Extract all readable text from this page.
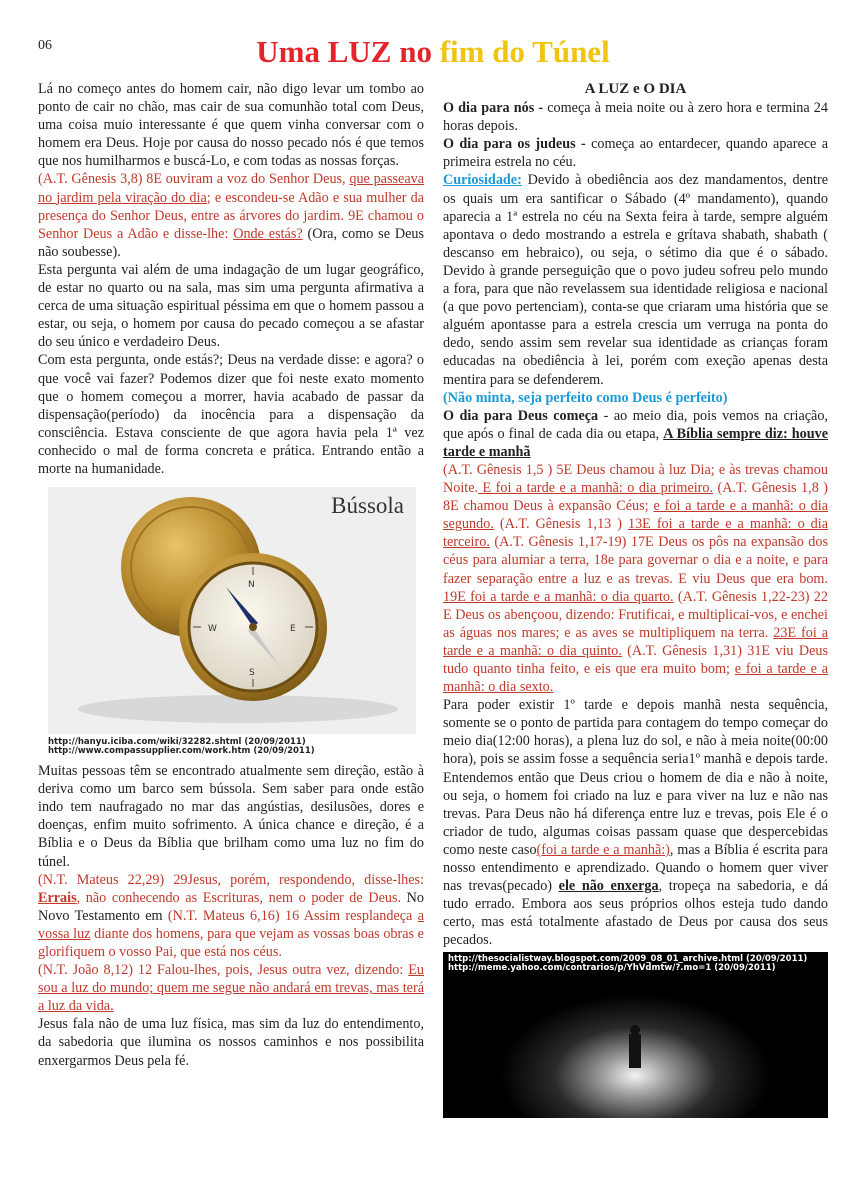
06	Uma LUZ no fim do Túnel

Lá no começo antes do homem cair, não digo levar um tombo ao ponto de cair no chão, mas cair de sua comunhão total com Deus, uma coisa muio interessante é que quem vinha conversar com o homem era Deus. Hoje por causa do nosso pecado nós é que temos que nos humilharmos e buscá-Lo, e com todas as nossas forças.

(A.T. Gênesis 3,8) 8E ouviram a voz do Senhor Deus, que passeava no jardim pela viração do dia; e escondeu-se Adão e sua mulher da presença do Senhor Deus, entre as árvores do jardim. 9E chamou o Senhor Deus a Adão e disse-lhe: Onde estás? (Ora, como se Deus não soubesse).

Esta pergunta vai além de uma indagação de um lugar geográfico, de estar no quarto ou na sala, mas sim uma pergunta afirmativa a cerca de uma situação espiritual péssima em que o homem passou a estar, ou seja, o homem por causa do pecado começou a se afastar do seu único e verdadeiro Deus.

Com esta pergunta, onde estás?; Deus na verdade disse: e agora? o que você vai fazer? Podemos dizer que foi neste exato momento que o homem começou a morrer, havia acabado de passar da dispensação(período) da inocência para a dispensação da consciência. Estava consciente de que agora havia pela 1ª vez conhecido o mal de forma concreta e prática. Entrando então a morte na humanidade.

Bússola
N
S
W	E
http://hanyu.iciba.com/wiki/32282.shtml (20/09/2011)
http://www.compassupplier.com/work.htm (20/09/2011)

Muitas pessoas têm se encontrado atualmente sem direção, estão à deriva como um barco sem bússola. Sem saber para onde estão indo tem naufragado no mar das angústias, desilusões, dores e doenças, enfim muito sofrimento. A única chance e direção, é a Bíblia e o Deus da Bíblia que brilham como uma luz no fim do túnel.

(N.T. Mateus 22,29) 29Jesus, porém, respondendo, disse-lhes: Errais, não conhecendo as Escrituras, nem o poder de Deus. No Novo Testamento em (N.T. Mateus 6,16) 16 Assim resplandeça a vossa luz diante dos homens, para que vejam as vossas boas obras e glorifiquem o vosso Pai, que está nos céus.

(N.T. João 8,12) 12 Falou-lhes, pois, Jesus outra vez, dizendo: Eu sou a luz do mundo; quem me segue não andará em trevas, mas terá a luz da vida.

Jesus fala não de uma luz física, mas sim da luz do entendimento, da sabedoria que ilumina os nossos caminhos e nos possibilita enxergarmos Deus pela fé.

A LUZ e O DIA

O dia para nós - começa à meia noite ou à zero hora e termina 24 horas depois.

O dia para os judeus - começa ao entardecer, quando aparece a primeira estrela no céu.

Curiosidade: Devido à obediência aos dez mandamentos, dentre os quais um era santificar o Sábado (4º mandamento), quando aparecia a 1ª estrela no céu na Sexta feira à tarde, sempre alguém apontava o dedo mostrando a estrela e grítava shabath, shabath ( descanso em hebraico), ou seja, o sétimo dia que é o sábado. Devido à grande perseguição que o povo judeu sofreu pelo mundo a fora, para que não revelassem sua identidade religiosa e nacional (a que povo pertenciam), conta-se que criaram uma história que se alguém apontasse para a estrela crescia um verruga na ponta do dedo, sendo assim sem revelar sua identidade as crianças foram educadas na obediência à lei, porém com exeção apenas desta mentira para se defenderem.

(Não minta, seja perfeito como Deus é perfeito)

O dia para Deus começa - ao meio dia, pois vemos na criação, que após o final de cada dia ou etapa, A Bíblia sempre diz: houve tarde e manhã

(A.T. Gênesis 1,5 ) 5E Deus chamou à luz Dia; e às trevas chamou Noite. E foi a tarde e a manhã: o dia primeiro. (A.T. Gênesis 1,8 ) 8E chamou Deus à expansão Céus; e foi a tarde e a manhã: o dia segundo. (A.T. Gênesis 1,13 ) 13E foi a tarde e a manhã: o dia terceiro. (A.T. Gênesis 1,17-19) 17E Deus os pôs na expansão dos céus para alumiar a terra, 18e para governar o dia e a noite, e para fazer separação entre a luz e as trevas. E viu Deus que era bom. 19E foi a tarde e a manhã: o dia quarto. (A.T. Gênesis 1,22-23) 22 E Deus os abençoou, dizendo: Frutificai, e multiplicai-vos, e enchei as águas nos mares; e as aves se multipliquem na terra. 23E foi a tarde e a manhã: o dia quinto. (A.T. Gênesis 1,31) 31E viu Deus tudo quanto tinha feito, e eis que era muito bom; e foi a tarde e a manhã: o dia sexto.

Para poder existir 1º tarde e depois manhã nesta sequência, somente se o ponto de partida para contagem do tempo começar do meio dia(12:00 horas), a plena luz do sol, e não à meia noite(00:00 hora), pois se assim fosse a sequência seria1º manhã e depois tarde. Entendemos então que Deus criou o homem de dia e não à noite, ou seja, o homem foi criado na luz e para viver na luz e não nas trevas. Para Deus não há diferença entre luz e trevas, pois Ele é o criador de tudo, algumas coisas passam quase que despercebidas como neste caso(foi a tarde e a manhã:), mas a Bíblia é escrita para nosso entendimento e aprendizado. Quando o homem quer viver nas trevas(pecado) ele não enxerga, tropeça na sabedoria, e dá tudo errado. Embora aos seus próprios olhos esteja tudo dando certo, mas está totalmente afastado de Deus por causa dos seus pecados.

http://thesocialistway.blogspot.com/2009_08_01_archive.html (20/09/2011)
http://meme.yahoo.com/contrarios/p/YhVdmtw/?.mo=1 (20/09/2011)
